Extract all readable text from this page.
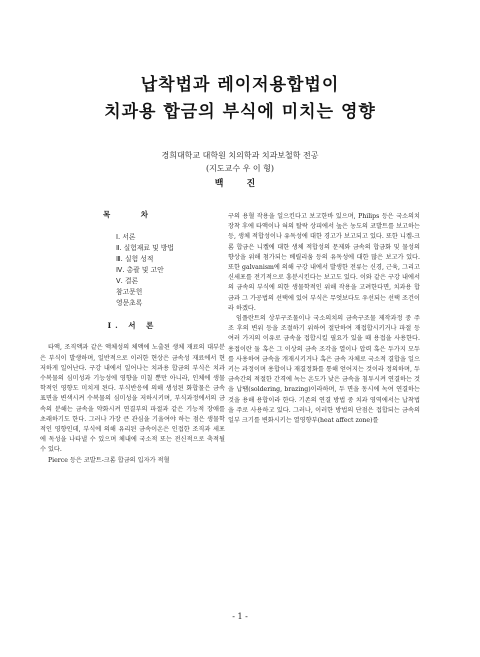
납착법과 레이저용합법이
치과용 합금의 부식에 미치는 영향
경희대학교 대학원 치의학과 치과보철학 전공
(지도교수 우 이 형)
백 진
목 차
Ⅰ. 서론
Ⅱ. 실험재료 및 방법
Ⅲ. 실험 성적
Ⅳ. 총괄 및 고안
Ⅴ. 결론
참고문헌
영문초록
Ⅰ. 서 론

타액, 조직액과 같은 액체성의 체액에 노출된 생체 재료의 대부분은 부식이 발생하며, 일반적으로 이러한 현상은 금속성 재료에서 현저하게 일어난다. 구강 내에서 일어나는 치과용 합금의 부식은 치과수복물의 심미성과 기능성에 영향을 미칠 뿐만 아니라, 인체에 생물학적인 영향도 미치게 된다. 부식반응에 의해 생성된 화합물은 금속 표면을 변색시켜 수복물의 심미성을 저하시키며, 부식과정에서의 금속의 분해는 금속을 약화시켜 연결부의 파절과 같은 기능적 장애를 초래하기도 한다. 그러나 가장 큰 관심을 기울여야 하는 점은 생물학적인 영향인데, 부식에 의해 유리된 금속이온은 인접한 조직과 세포에 독성을 나타낼 수 있으며 체내에 국소적 또는 전신적으로 축적될 수 있다.

Pierce 등은 코발트-크롬 합금의 입자가 적혈

구의 용혈 작용을 일으킨다고 보고한바 있으며, Philips 등은 국소의치 장착 후에 타액이나 혀의 탈락 상피에서 높은 농도의 코발트를 보고하는 등, 생체 적합성이나 유독성에 대한 경고가 보고되고 있다. 또한 니켈-크롬 합금은 니켈에 대한 생체 적합성의 문제와 금속의 합금화 및 물성의 향상을 위해 첨가되는 베릴리움 등의 유독성에 대한 많은 보고가 있다. 또한 galvanism에 의해 구강 내에서 발생한 전류는 신경, 근육, 그리고 신세포를 전기적으로 흥분시킨다는 보고도 있다. 이와 같은 구강 내에서의 금속의 부식에 의한 생물학적인 위해 작용을 고려한다면, 치과용 합금과 그 가공법의 선택에 있어 부식은 무엇보다도 우선되는 선택 조건이라 하겠다.

임플란트의 상부구조물이나 국소의치의 금속구조물 제작과정 중 주조 후의 변위 등을 조절하기 위하여 절단하여 재접합시키거나 파절 등 여러 가지의 이유로 금속을 접합시킬 필요가 있을 때 용접을 사용한다. 용접이란 둘 혹은 그 이상의 금속 조각을 열이나 압력 혹은 두가지 모두를 사용하여 금속을 개재시키거나 혹은 금속 자체로 국소적 결합을 일으키는 과정이며 용합이나 재결정화를 통해 얻어지는 것이라 정의하며, 두 금속간의 적절한 간격에 녹는 온도가 낮은 금속을 침투시켜 연결하는 것을 납땜(soldering, brazing)이라하며, 두 면을 동시에 녹여 연결하는 것을 용해 용합이라 한다. 기존의 연결 방법 중 치과 영역에서는 납착법을 주로 사용하고 있다. 그러나, 이러한 방법의 단점은 접합되는 금속의 일부 크기를 변화시키는 열영향부(heat affect zone)를

- 1 -
